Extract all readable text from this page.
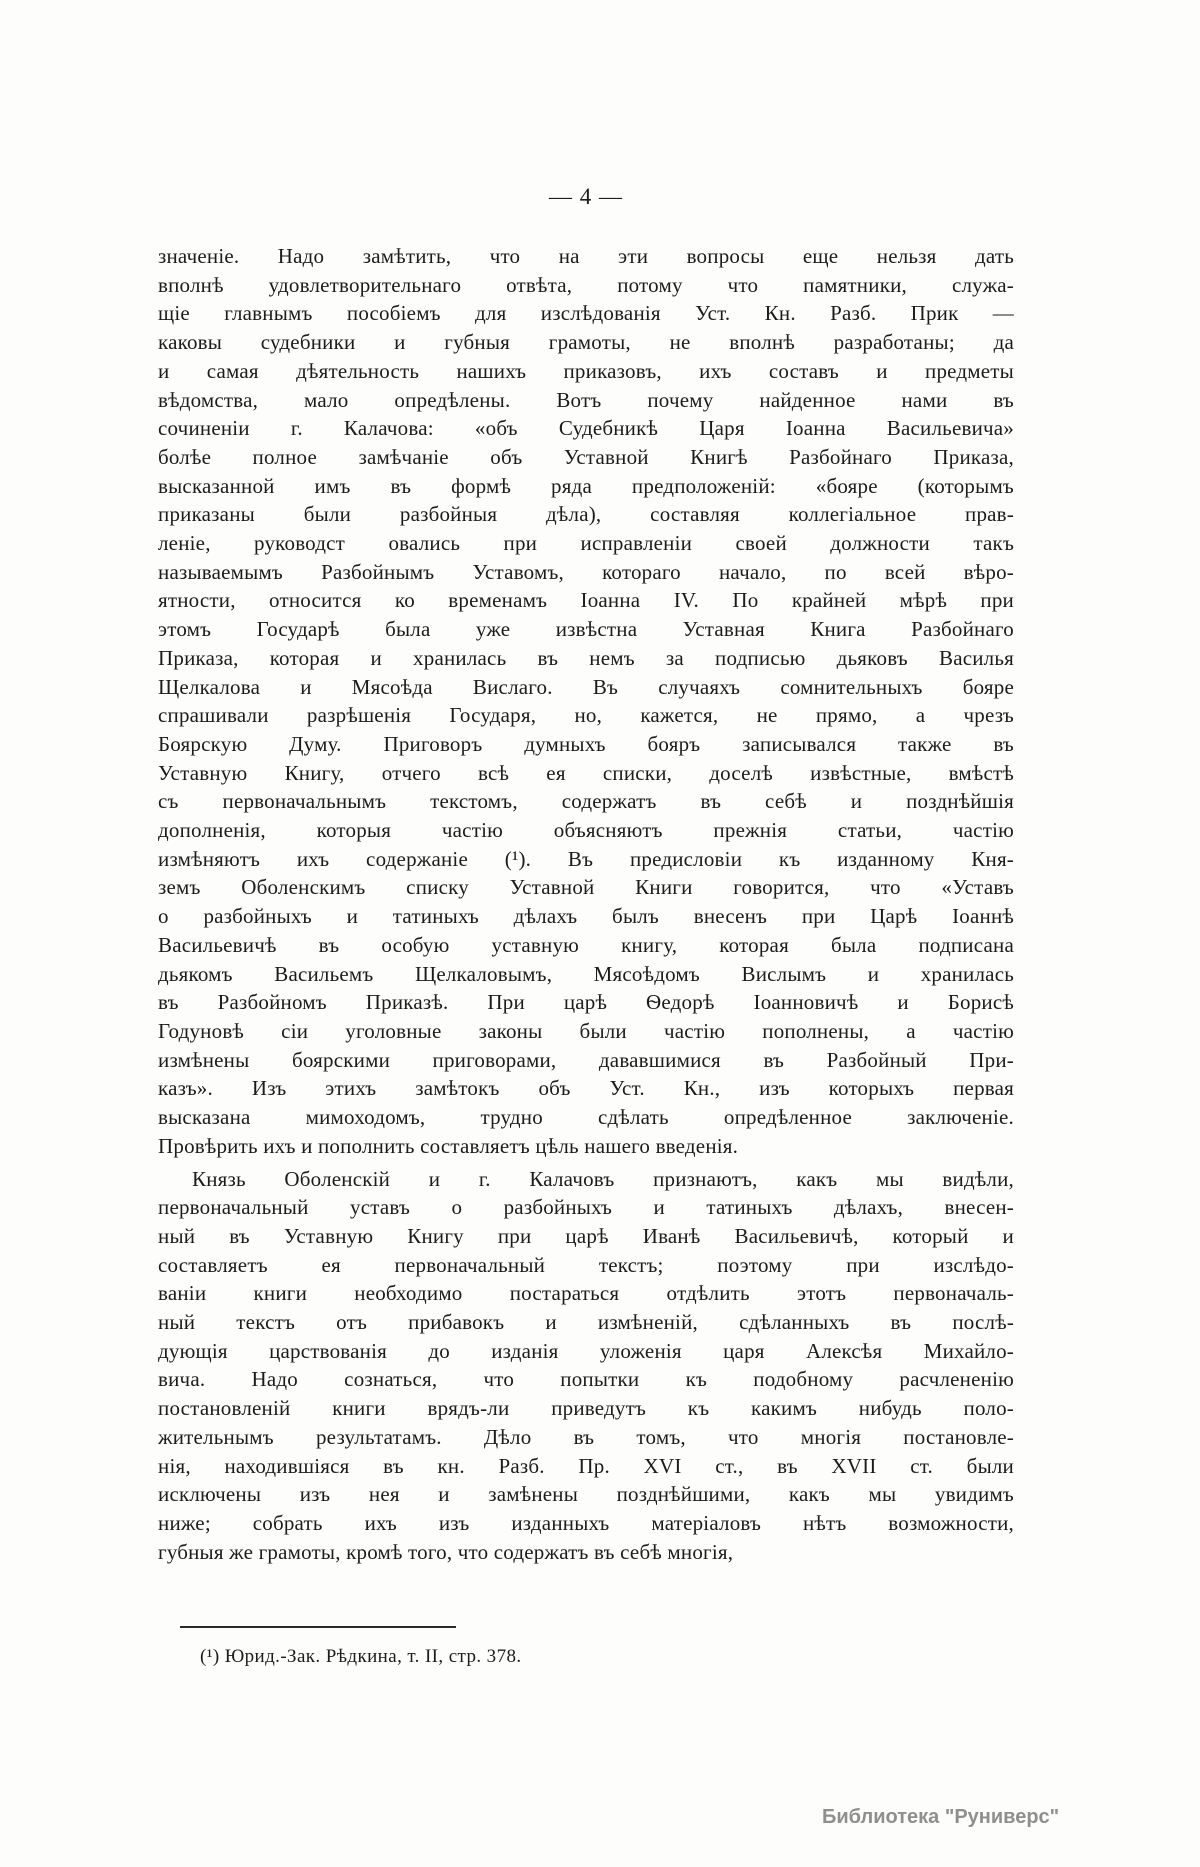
— 4 —
значеніе. Надо замѣтить, что на эти вопросы еще нельзя дать
вполнѣ удовлетворительнаго отвѣта, потому что памятники, служа-
щіе главнымъ пособіемъ для изслѣдованія Уст. Кн. Разб. Прик —
каковы судебники и губныя грамоты, не вполнѣ разработаны; да
и самая дѣятельность нашихъ приказовъ, ихъ составъ и предметы
вѣдомства, мало опредѣлены. Вотъ почему найденное нами въ
сочиненіи г. Калачова: «объ Судебникѣ Царя Іоанна Васильевича»
болѣе полное замѣчаніе объ Уставной Книгѣ Разбойнаго Приказа,
высказанной имъ въ формѣ ряда предположеній: «бояре (которымъ
приказаны были разбойныя дѣла), составляя коллегіальное прав-
леніе, руководст овались при исправленіи своей должности такъ
называемымъ Разбойнымъ Уставомъ, котораго начало, по всей вѣро-
ятности, относится ко временамъ Іоанна IV. По крайней мѣрѣ при
этомъ Государѣ была уже извѣстна Уставная Книга Разбойнаго
Приказа, которая и хранилась въ немъ за подписью дьяковъ Василья
Щелкалова и Мясоѣда Вислаго. Въ случаяхъ сомнительныхъ бояре
спрашивали разрѣшенія Государя, но, кажется, не прямо, а чрезъ
Боярскую Думу. Приговоръ думныхъ бояръ записывался также въ
Уставную Книгу, отчего всѣ ея списки, доселѣ извѣстные, вмѣстѣ
съ первоначальнымъ текстомъ, содержатъ въ себѣ и позднѣйшія
дополненія, которыя частію объясняютъ прежнія статьи, частію
измѣняютъ ихъ содержаніе (¹). Въ предисловіи къ изданному Кня-
земъ Оболенскимъ списку Уставной Книги говорится, что «Уставъ
о разбойныхъ и татиныхъ дѣлахъ былъ внесенъ при Царѣ Іоаннѣ
Васильевичѣ въ особую уставную книгу, которая была подписана
дьякомъ Васильемъ Щелкаловымъ, Мясоѣдомъ Вислымъ и хранилась
въ Разбойномъ Приказѣ. При царѣ Ѳедорѣ Іоанновичѣ и Борисѣ
Годуновѣ сіи уголовные законы были частію пополнены, а частію
измѣнены боярскими приговорами, дававшимися въ Разбойный При-
казъ». Изъ этихъ замѣтокъ объ Уст. Кн., изъ которыхъ первая
высказана мимоходомъ, трудно сдѣлать опредѣленное заключеніе.
Провѣрить ихъ и пополнить составляетъ цѣль нашего введенія.
Князь Оболенскій и г. Калачовъ признаютъ, какъ мы видѣли,
первоначальный уставъ о разбойныхъ и татиныхъ дѣлахъ, внесен-
ный въ Уставную Книгу при царѣ Иванѣ Васильевичѣ, который и
составляетъ ея первоначальный текстъ; поэтому при изслѣдо-
ваніи книги необходимо постараться отдѣлить этотъ первоначаль-
ный текстъ отъ прибавокъ и измѣненій, сдѣланныхъ въ послѣ-
дующія царствованія до изданія уложенія царя Алексѣя Михайло-
вича. Надо сознаться, что попытки къ подобному расчлененію
постановленій книги врядъ-ли приведутъ къ какимъ нибудь поло-
жительнымъ результатамъ. Дѣло въ томъ, что многія постановле-
нія, находившіяся въ кн. Разб. Пр. XVI ст., въ XVII ст. были
исключены изъ нея и замѣнены позднѣйшими, какъ мы увидимъ
ниже; собрать ихъ изъ изданныхъ матеріаловъ нѣтъ возможности,
губныя же грамоты, кромѣ того, что содержатъ въ себѣ многія,
(¹) Юрид.-Зак. Рѣдкина, т. II, стр. 378.
Библиотека "Руниверс"
